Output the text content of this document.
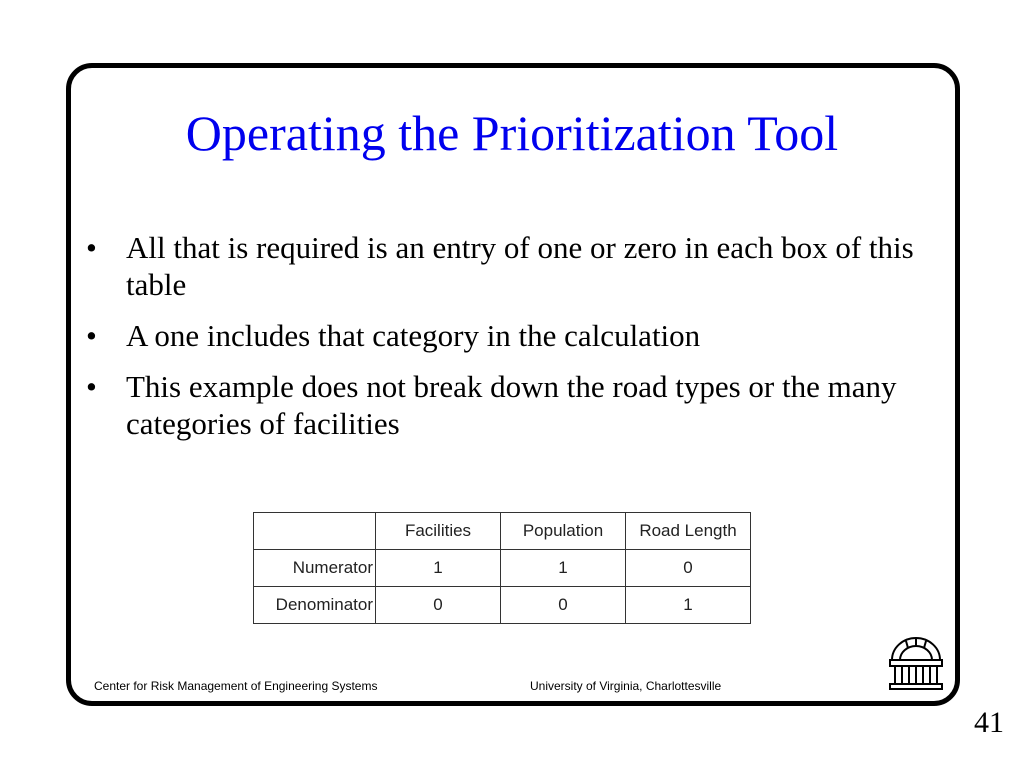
Operating the Prioritization Tool
• All that is required is an entry of one or zero in each box of this table
• A one includes that category in the calculation
• This example does not break down the road types or the many categories of facilities
	Facilities	Population	Road Length
Numerator	1	1	0
Denominator	0	0	1
Center for Risk Management of Engineering Systems	University of Virginia, Charlottesville
41
